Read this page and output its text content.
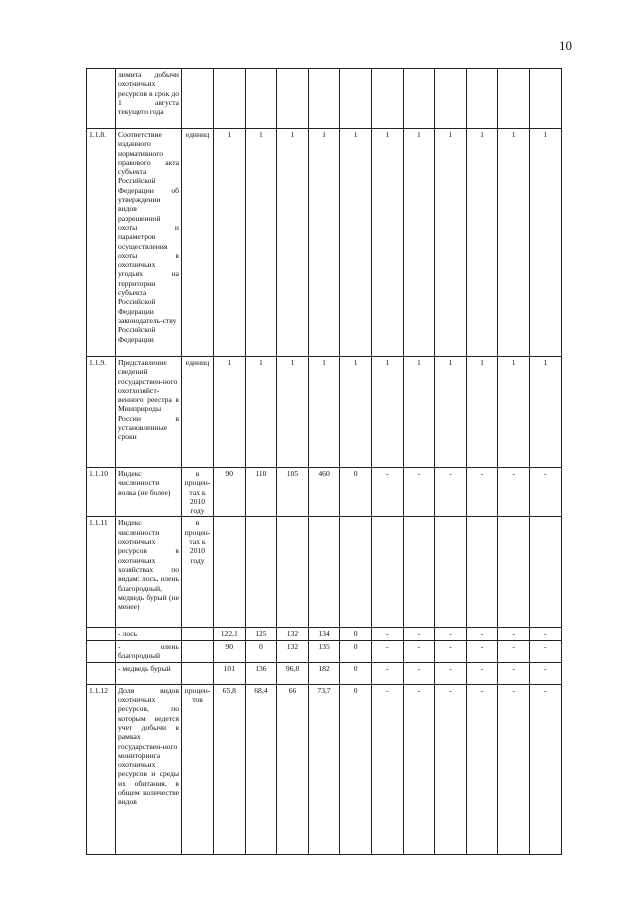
10
	лимита добычи охотничьих ресурсов в срок до 1 августа текущего года												
1.1.8.	Соответствие изданного нормативного правового акта субъекта Российской Федерации об утверждении видов разрешенной охоты и параметров осуществления охоты в охотничьих угодьях на территории субъекта Российской Федерации законодатель-ству Российской Федерации	единиц	1	1	1	1	1	1	1	1	1	1	1
1.1.9.	Представление сведений государствен-ного охотхозяйст-венного реестра в Минприроды России в установленные сроки	единиц	1	1	1	1	1	1	1	1	1	1	1
1.1.10	Индекс численности волка (не более)	в процен-тах к 2010 году	90	110	105	460	0	-	-	-	-	-	-
1.1.11	Индекс численности охотничьих ресурсов в охотничьих хозяйствах по видам: лось, олень благородный, медведь бурый (не менее)	в процен-тах к 2010 году											
	- лось		122,1	125	132	134	0	-	-	-	-	-	-
	- олень благородный		90	0	132	135	0	-	-	-	-	-	-
	- медведь бурый		101	136	96,8	182	0	-	-	-	-	-	-
1.1.12	Доля видов охотничьих ресурсов, по которым ведется учет добычи в рамках государствен-ного мониторинга охотничьих ресурсов и среды их обитания, в общем количестве видов	процен-тов	65,8	68,4	66	73,7	0	-	-	-	-	-	-
